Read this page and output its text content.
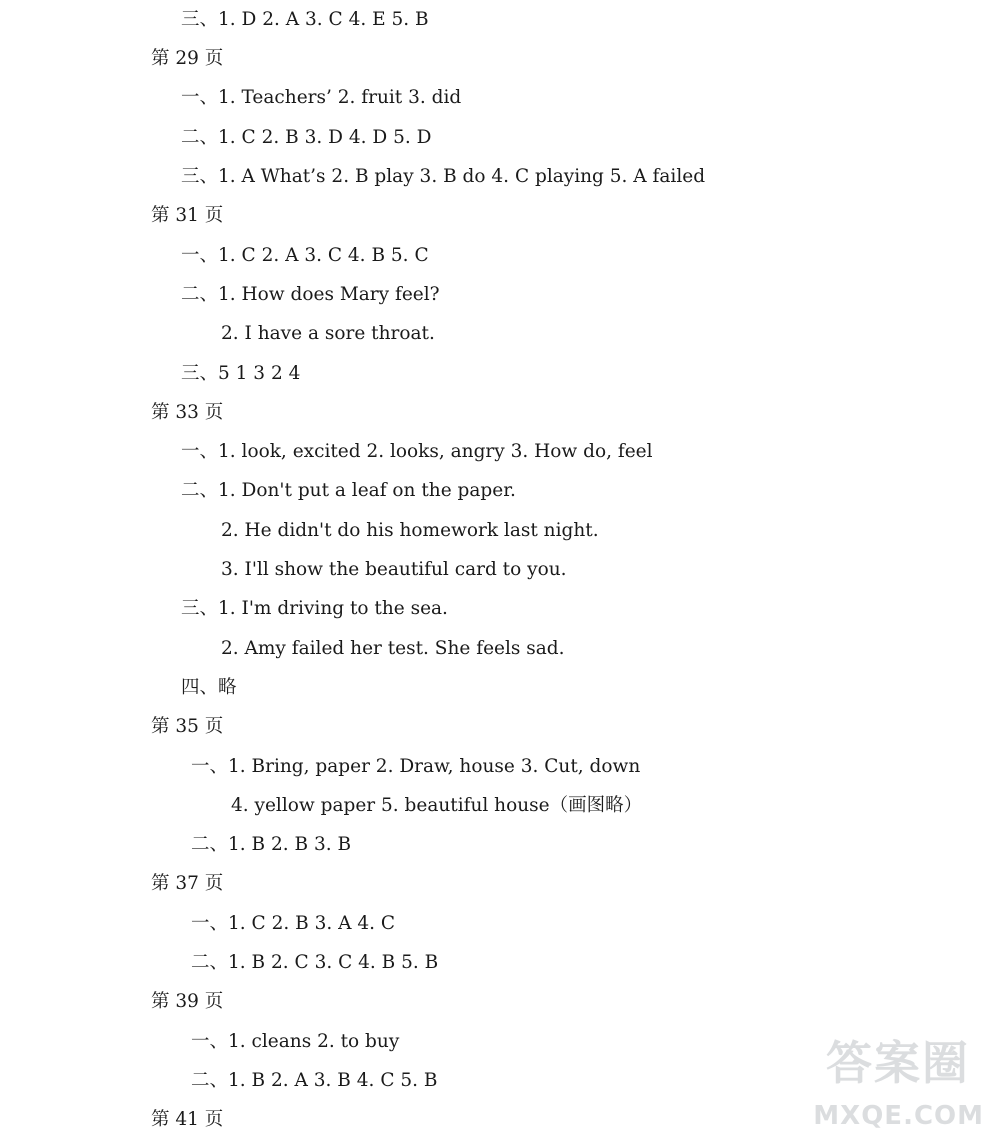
三、1. D 2. A 3. C 4. E 5. B
第 29 页
一、1. Teachers’ 2. fruit 3. did
二、1. C 2. B 3. D 4. D 5. D
三、1. A What’s 2. B play 3. B do 4. C playing 5. A failed
第 31 页
一、1. C 2. A 3. C 4. B 5. C
二、1. How does Mary feel?
2. I have a sore throat.
三、5 1 3 2 4
第 33 页
一、1. look, excited 2. looks, angry 3. How do, feel
二、1. Don't put a leaf on the paper.
2. He didn't do his homework last night.
3. I'll show the beautiful card to you.
三、1. I'm driving to the sea.
2. Amy failed her test. She feels sad.
四、略
第 35 页
一、1. Bring, paper 2. Draw, house 3. Cut, down
4. yellow paper 5. beautiful house（画图略）
二、1. B 2. B 3. B
第 37 页
一、1. C 2. B 3. A 4. C
二、1. B 2. C 3. C 4. B 5. B
第 39 页
一、1. cleans 2. to buy
二、1. B 2. A 3. B 4. C 5. B
第 41 页
答案圈
MXQE.COM
